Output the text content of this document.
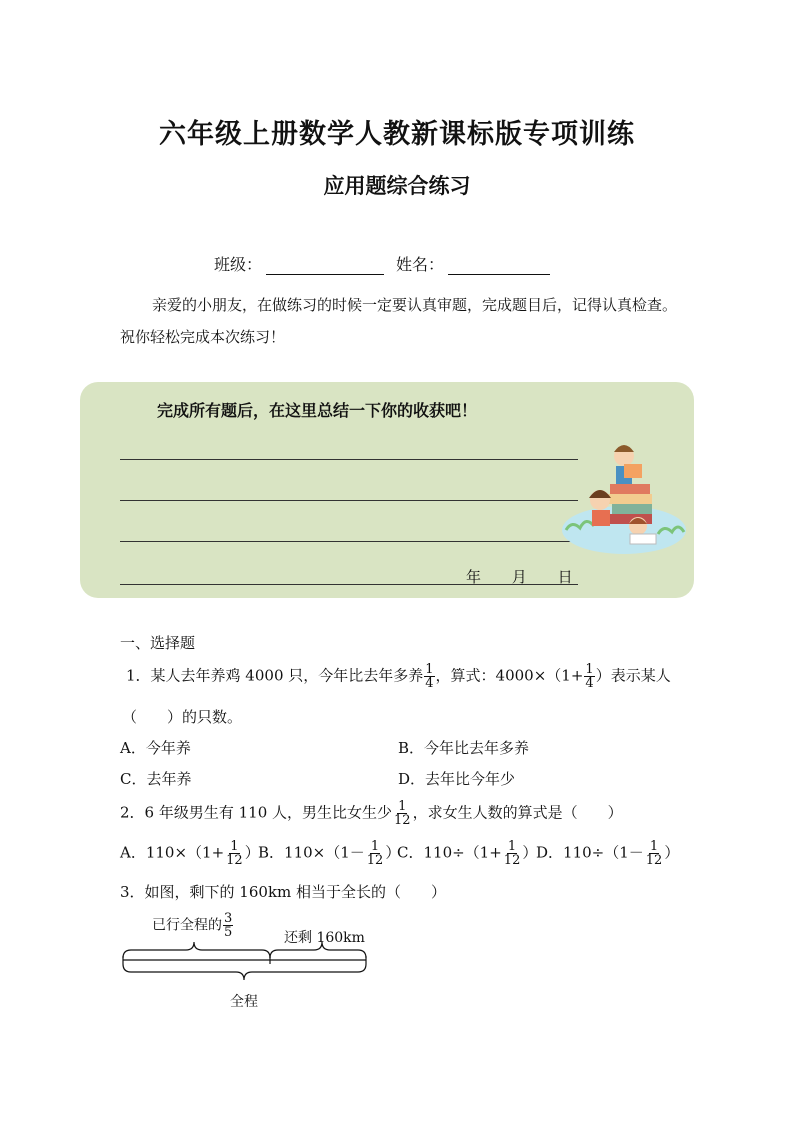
六年级上册数学人教新课标版专项训练
应用题综合练习
班级：	姓名：
亲爱的小朋友，在做练习的时候一定要认真审题，完成题目后，记得认真检查。祝你轻松完成本次练习！
完成所有题后，在这里总结一下你的收获吧！
年 月 日
一、选择题
1．某人去年养鸡 4000 只，今年比去年多养 $\frac{1}{4}$ ，算式：$4000\times(1+ \frac{1}{4}$ ）表示某人
（　　）的只数。
A．今年养	B．今年比去年多养
C．去年养	D．去年比今年少
2．6 年级男生有 110 人，男生比女生少 $\frac{1}{12}$ ，求女生人数的算式是（　　）
A．$110\times(1+ \frac{1}{12}$ ）
B．$110\times(1- \frac{1}{12}$ ）
C．$110\div(1+ \frac{1}{12}$ ）
D．$110\div(1- \frac{1}{12}$ ）
3．如图，剩下的 160km 相当于全长的（　　）
已行全程的 $\frac{3}{5}$	还剩 160km
全程
